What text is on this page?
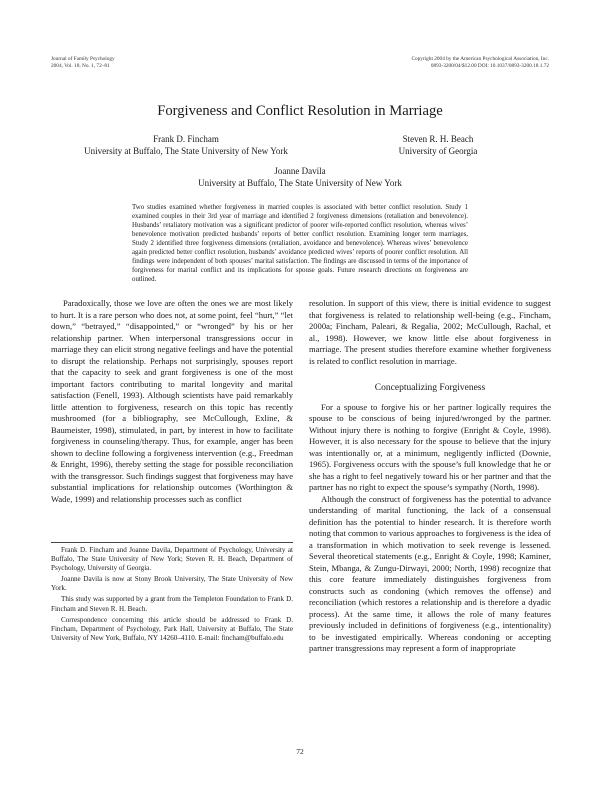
Journal of Family Psychology
2004, Vol. 18, No. 1, 72–81
Copyright 2004 by the American Psychological Association, Inc.
0893-3200/04/$12.00 DOI: 10.1037/0893-3200.18.1.72
Forgiveness and Conflict Resolution in Marriage
Frank D. Fincham
University at Buffalo, The State University of New York
Steven R. H. Beach
University of Georgia
Joanne Davila
University at Buffalo, The State University of New York
Two studies examined whether forgiveness in married couples is associated with better conflict resolution. Study 1 examined couples in their 3rd year of marriage and identified 2 forgiveness dimensions (retaliation and benevolence). Husbands’ retaliatory motivation was a significant predictor of poorer wife-reported conflict resolution, whereas wives’ benevolence motivation predicted husbands’ reports of better conflict resolution. Examining longer term marriages, Study 2 identified three forgiveness dimensions (retaliation, avoidance and benevolence). Whereas wives’ benevolence again predicted better conflict resolution, husbands’ avoidance predicted wives’ reports of poorer conflict resolution. All findings were independent of both spouses’ marital satisfaction. The findings are discussed in terms of the importance of forgiveness for marital conflict and its implications for spouse goals. Future research directions on forgiveness are outlined.

Paradoxically, those we love are often the ones we are most likely to hurt. It is a rare person who does not, at some point, feel “hurt,” “let down,” “betrayed,” “disappointed,” or “wronged” by his or her relationship partner. When interpersonal transgressions occur in marriage they can elicit strong negative feelings and have the potential to disrupt the relationship. Perhaps not surprisingly, spouses report that the capacity to seek and grant forgiveness is one of the most important factors contributing to marital longevity and marital satisfaction (Fenell, 1993). Although scientists have paid remarkably little attention to forgiveness, research on this topic has recently mushroomed (for a bibliography, see McCullough, Exline, & Baumeister, 1998), stimulated, in part, by interest in how to facilitate forgiveness in counseling/therapy. Thus, for example, anger has been shown to decline following a forgiveness intervention (e.g., Freedman & Enright, 1996), thereby setting the stage for possible reconciliation with the transgressor. Such findings suggest that forgiveness may have substantial implications for relationship outcomes (Worthington & Wade, 1999) and relationship processes such as conflict

Frank D. Fincham and Joanne Davila, Department of Psychology, University at Buffalo, The State University of New York; Steven R. H. Beach, Department of Psychology, University of Georgia.

Joanne Davila is now at Stony Brook University, The State University of New York.

This study was supported by a grant from the Templeton Foundation to Frank D. Fincham and Steven R. H. Beach.

Correspondence concerning this article should be addressed to Frank D. Fincham, Department of Psychology, Park Hall, University at Buffalo, The State University of New York, Buffalo, NY 14260–4110. E-mail: fincham@buffalo.edu

resolution. In support of this view, there is initial evidence to suggest that forgiveness is related to relationship well-being (e.g., Fincham, 2000a; Fincham, Paleari, & Regalia, 2002; McCullough, Rachal, et al., 1998). However, we know little else about forgiveness in marriage. The present studies therefore examine whether forgiveness is related to conflict resolution in marriage.

Conceptualizing Forgiveness

For a spouse to forgive his or her partner logically requires the spouse to be conscious of being injured/wronged by the partner. Without injury there is nothing to forgive (Enright & Coyle, 1998). However, it is also necessary for the spouse to believe that the injury was intentionally or, at a minimum, negligently inflicted (Downie, 1965). Forgiveness occurs with the spouse’s full knowledge that he or she has a right to feel negatively toward his or her partner and that the partner has no right to expect the spouse’s sympathy (North, 1998).

Although the construct of forgiveness has the potential to advance understanding of marital functioning, the lack of a consensual definition has the potential to hinder research. It is therefore worth noting that common to various approaches to forgiveness is the idea of a transformation in which motivation to seek revenge is lessened. Several theoretical statements (e.g., Enright & Coyle, 1998; Kaminer, Stein, Mbanga, & Zungu-Dirwayi, 2000; North, 1998) recognize that this core feature immediately distinguishes forgiveness from constructs such as condoning (which removes the offense) and reconciliation (which restores a relationship and is therefore a dyadic process). At the same time, it allows the role of many features previously included in definitions of forgiveness (e.g., intentionality) to be investigated empirically. Whereas condoning or accepting partner transgressions may represent a form of inappropriate

72
